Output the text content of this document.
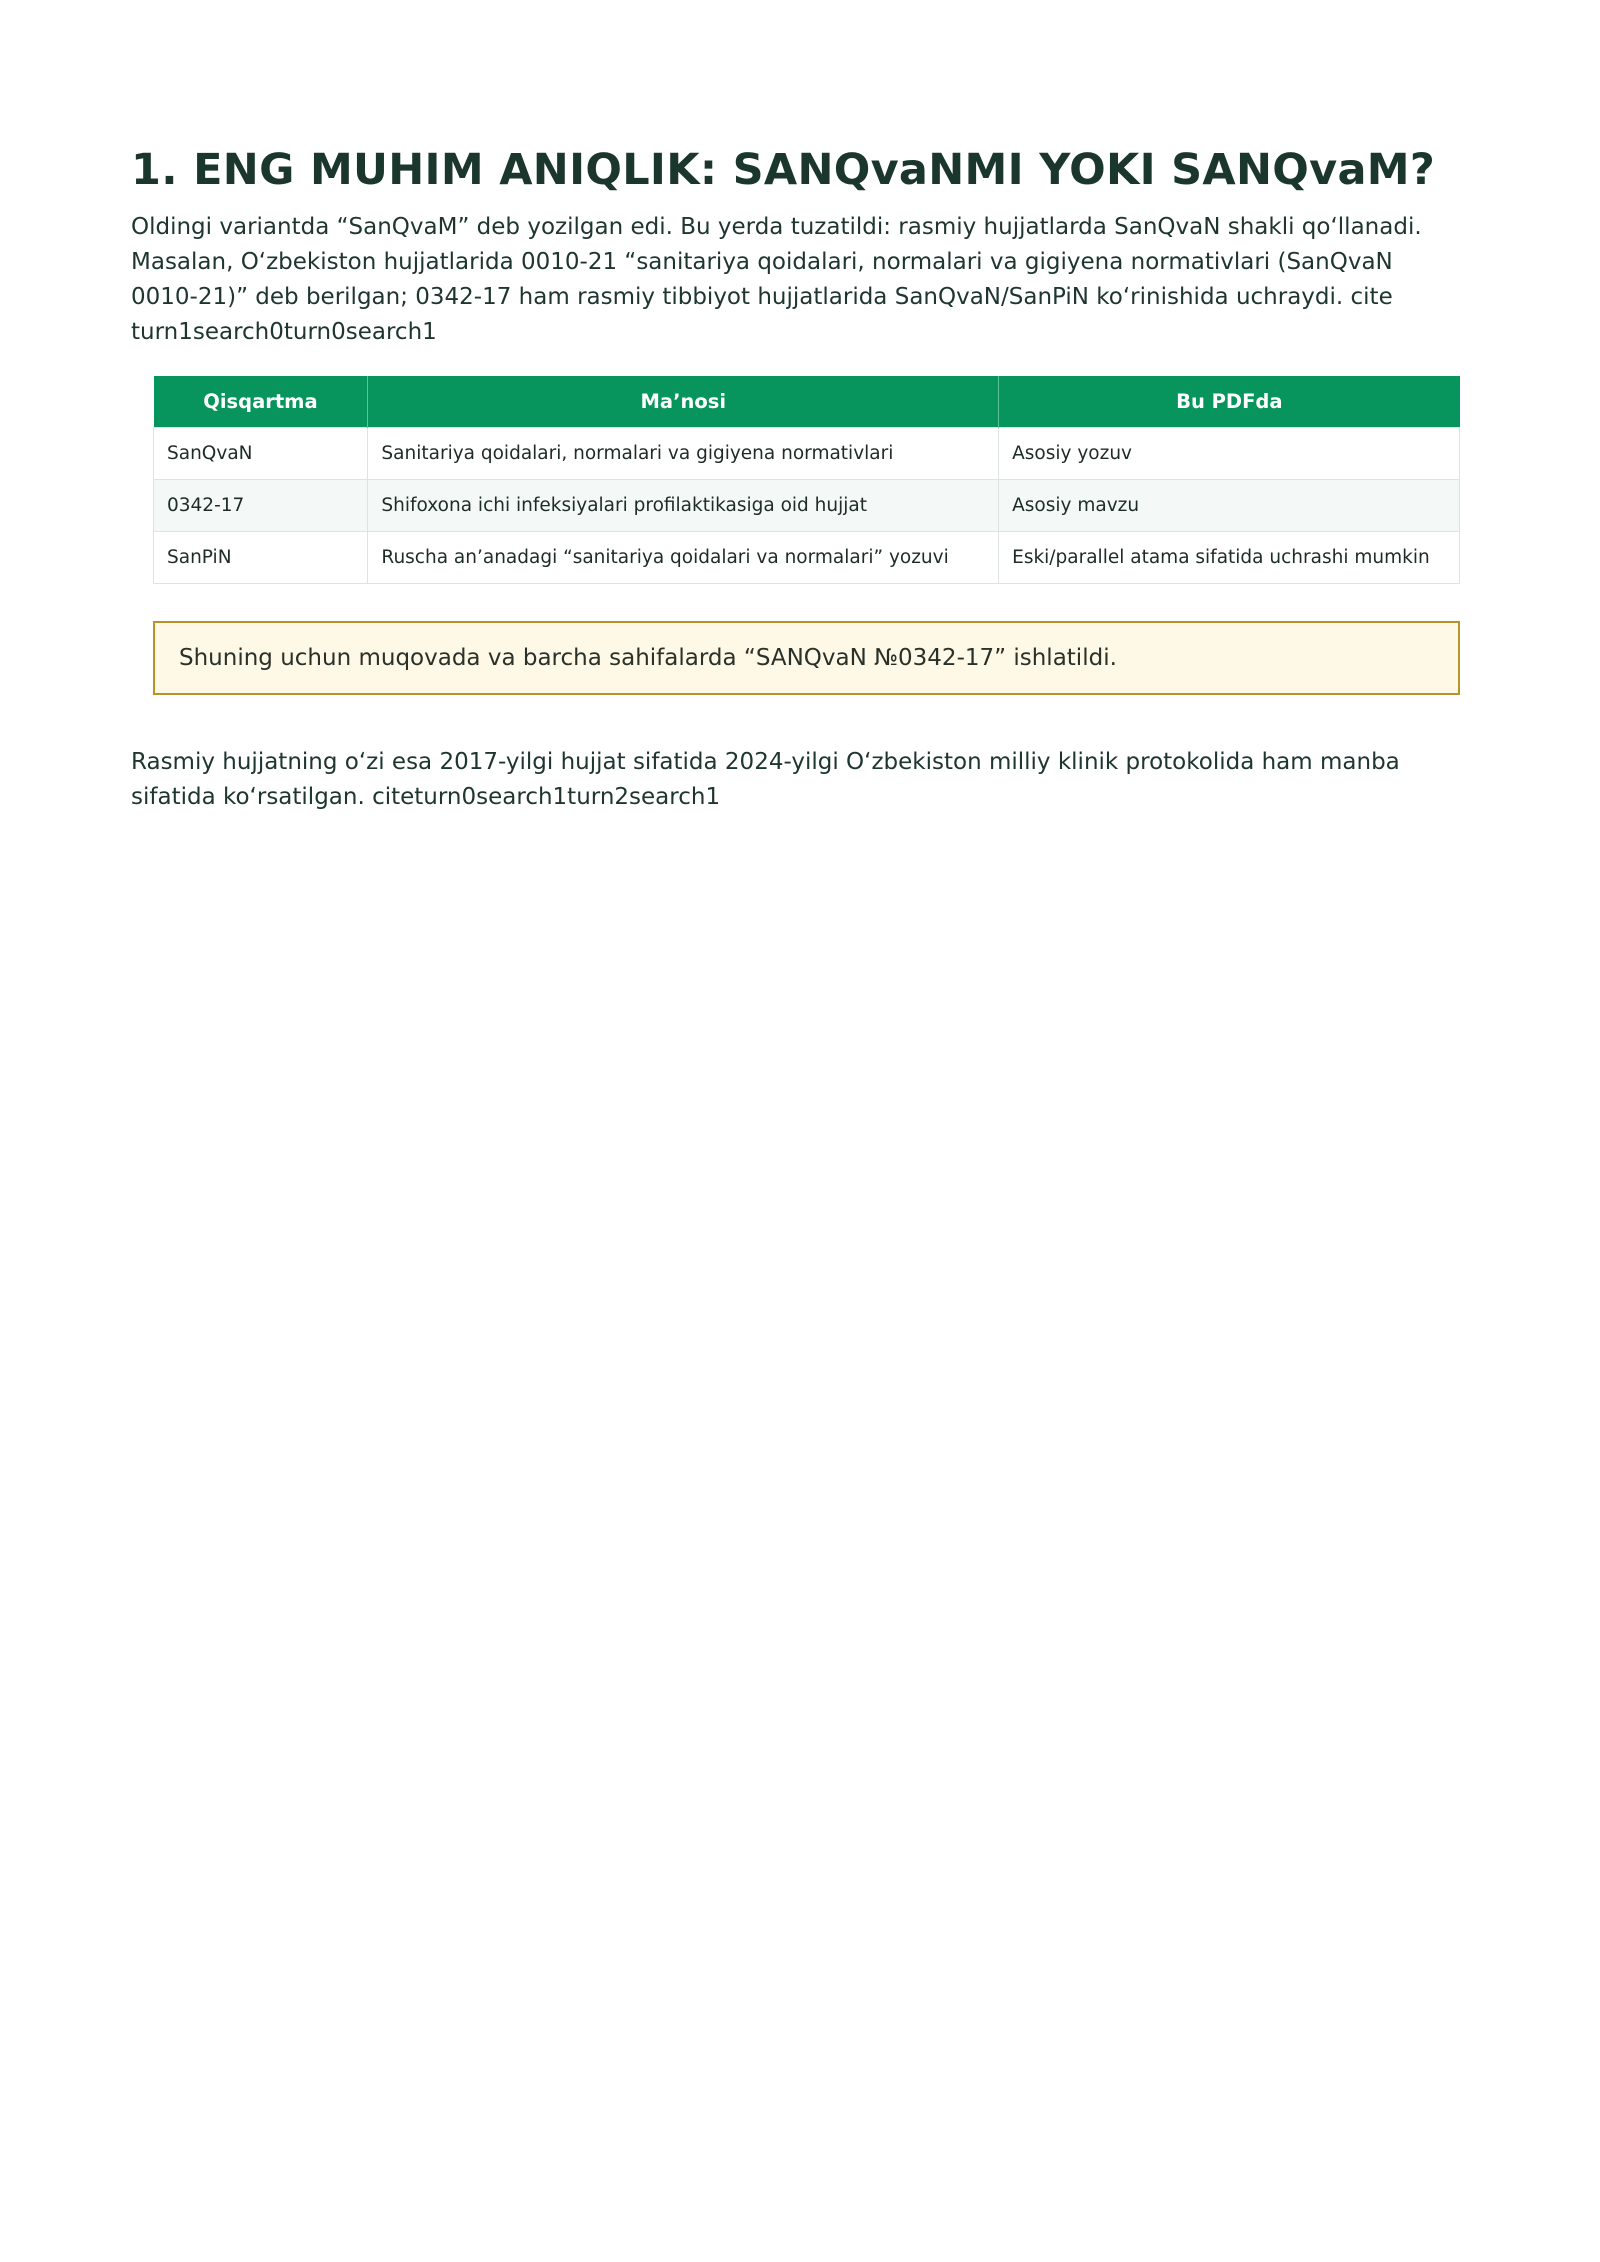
1. ENG MUHIM ANIQLIK: SANQvaNMI YOKI SANQvaM?

Oldingi variantda “SanQvaM” deb yozilgan edi. Bu yerda tuzatildi: rasmiy hujjatlarda SanQvaN shakli qoʻllanadi. Masalan, Oʻzbekiston hujjatlarida 0010-21 “sanitariya qoidalari, normalari va gigiyena normativlari (SanQvaN 0010-21)” deb berilgan; 0342-17 ham rasmiy tibbiyot hujjatlarida SanQvaN/SanPiN koʻrinishida uchraydi. cite​turn1search0​turn0search1

Qisqartma	Ma’nosi	Bu PDFda
SanQvaN	Sanitariya qoidalari, normalari va gigiyena normativlari	Asosiy yozuv
0342-17	Shifoxona ichi infeksiyalari profilaktikasiga oid hujjat	Asosiy mavzu
SanPiN	Ruscha an’anadagi “sanitariya qoidalari va normalari” yozuvi	Eski/parallel atama sifatida uchrashi mumkin
Shuning uchun muqovada va barcha sahifalarda “SANQvaN №0342-17” ishlatildi.

Rasmiy hujjatning oʻzi esa 2017-yilgi hujjat sifatida 2024-yilgi Oʻzbekiston milliy klinik protokolida ham manba sifatida koʻrsatilgan. cite​turn0search1​turn2search1
